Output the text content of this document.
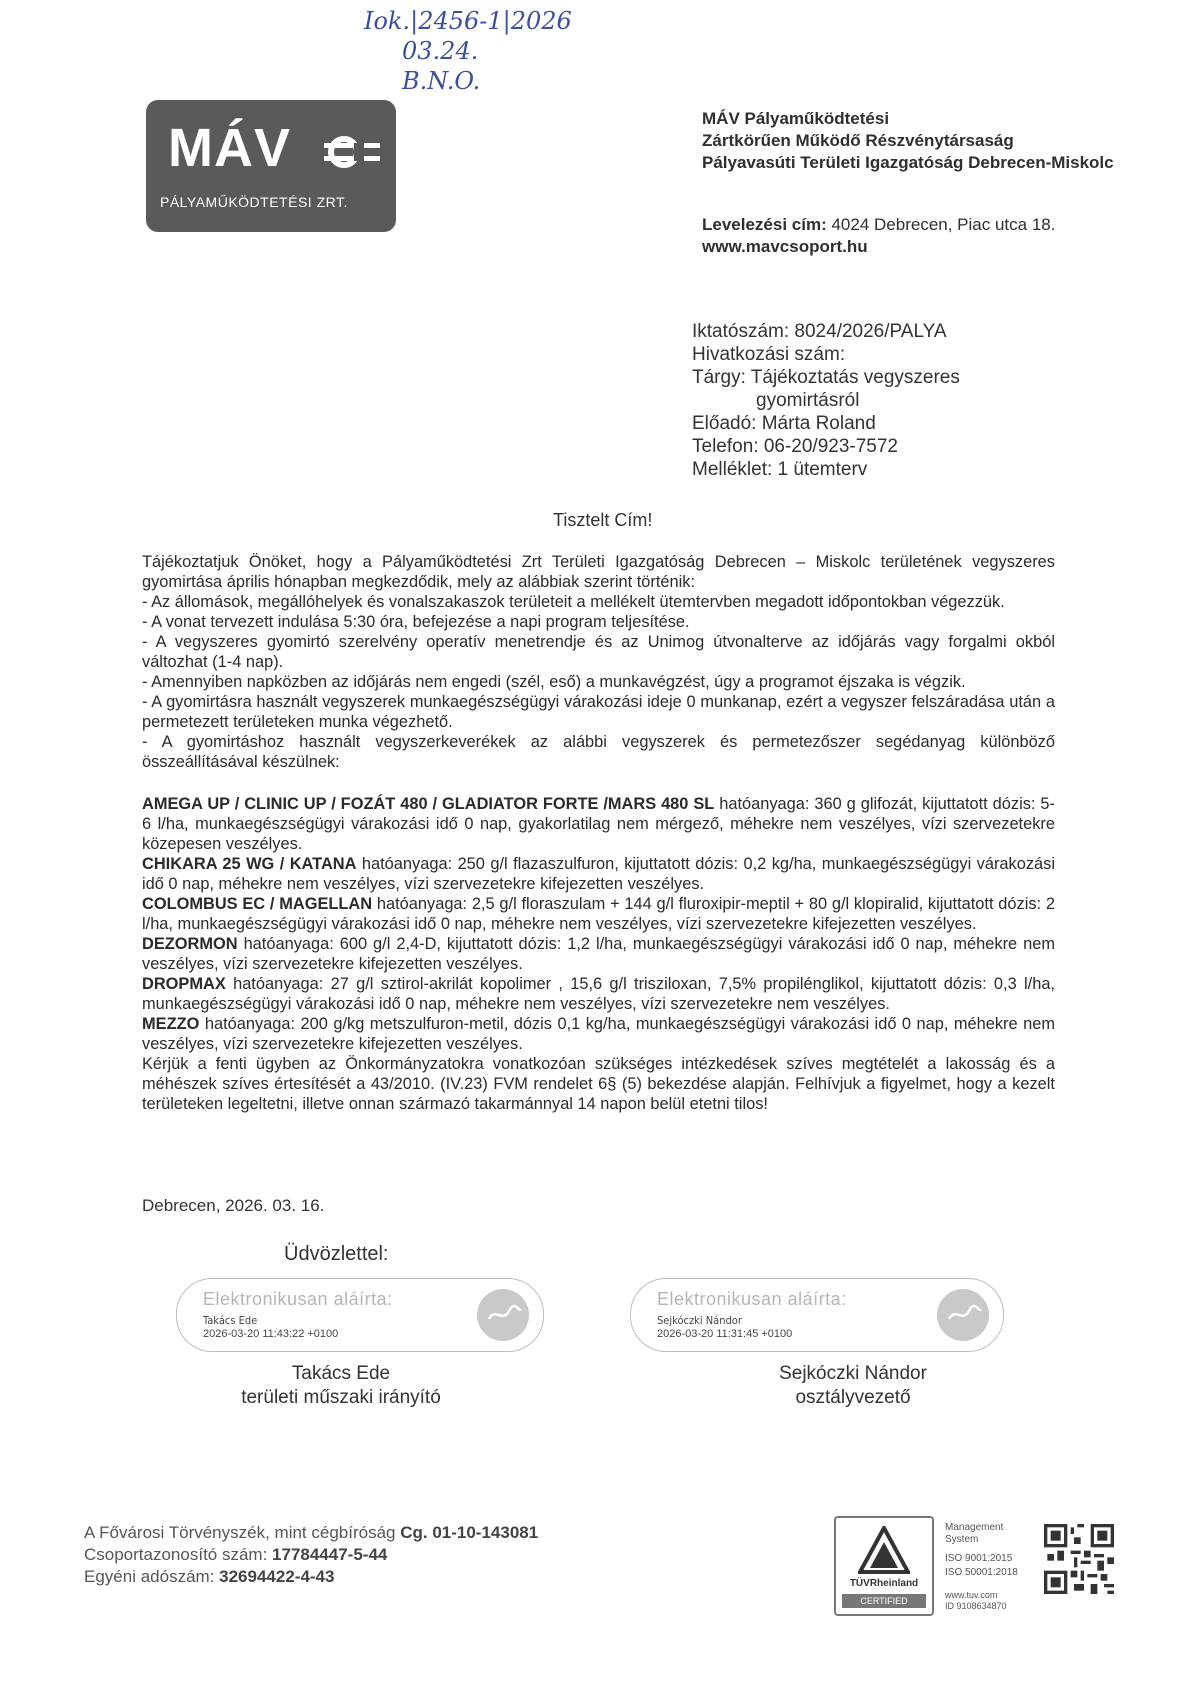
Iok.|2456-1|2026
03.24.
B.N.O.
MÁV
PÁLYAMŰKÖDTETÉSI ZRT.
MÁV Pályaműködtetési
Zártkörűen Működő Részvénytársaság
Pályavasúti Területi Igazgatóság Debrecen-Miskolc
Levelezési cím: 4024 Debrecen, Piac utca 18.
www.mavcsoport.hu
Iktatószám: 8024/2026/PALYA
Hivatkozási szám:
Tárgy: Tájékoztatás vegyszeres
gyomirtásról
Előadó: Márta Roland
Telefon: 06-20/923-7572
Melléklet: 1 ütemterv
Tisztelt Cím!

Tájékoztatjuk Önöket, hogy a Pályaműködtetési Zrt Területi Igazgatóság Debrecen – Miskolc területének vegyszeres gyomirtása április hónapban megkezdődik, mely az alábbiak szerint történik:

- Az állomások, megállóhelyek és vonalszakaszok területeit a mellékelt ütemtervben megadott időpontokban végezzük.

- A vonat tervezett indulása 5:30 óra, befejezése a napi program teljesítése.

- A vegyszeres gyomirtó szerelvény operatív menetrendje és az Unimog útvonalterve az időjárás vagy forgalmi okból változhat (1-4 nap).

- Amennyiben napközben az időjárás nem engedi (szél, eső) a munkavégzést, úgy a programot éjszaka is végzik.

- A gyomirtásra használt vegyszerek munkaegészségügyi várakozási ideje 0 munkanap, ezért a vegyszer felszáradása után a permetezett területeken munka végezhető.

- A gyomirtáshoz használt vegyszerkeverékek az alábbi vegyszerek és permetezőszer segédanyag különböző összeállításával készülnek:

AMEGA UP / CLINIC UP / FOZÁT 480 / GLADIATOR FORTE /MARS 480 SL hatóanyaga: 360 g glifozát, kijuttatott dózis: 5-6 l/ha, munkaegészségügyi várakozási idő 0 nap, gyakorlatilag nem mérgező, méhekre nem veszélyes, vízi szervezetekre közepesen veszélyes.

CHIKARA 25 WG / KATANA hatóanyaga: 250 g/l flazaszulfuron, kijuttatott dózis: 0,2 kg/ha, munkaegészségügyi várakozási idő 0 nap, méhekre nem veszélyes, vízi szervezetekre kifejezetten veszélyes.

COLOMBUS EC / MAGELLAN hatóanyaga: 2,5 g/l floraszulam + 144 g/l fluroxipir-meptil + 80 g/l klopiralid, kijuttatott dózis: 2 l/ha, munkaegészségügyi várakozási idő 0 nap, méhekre nem veszélyes, vízi szervezetekre kifejezetten veszélyes.

DEZORMON hatóanyaga: 600 g/l 2,4-D, kijuttatott dózis: 1,2 l/ha, munkaegészségügyi várakozási idő 0 nap, méhekre nem veszélyes, vízi szervezetekre kifejezetten veszélyes.

DROPMAX hatóanyaga: 27 g/l sztirol-akrilát kopolimer , 15,6 g/l trisziloxan, 7,5% propilénglikol, kijuttatott dózis: 0,3 l/ha, munkaegészségügyi várakozási idő 0 nap, méhekre nem veszélyes, vízi szervezetekre nem veszélyes.

MEZZO hatóanyaga: 200 g/kg metszulfuron-metil, dózis 0,1 kg/ha, munkaegészségügyi várakozási idő 0 nap, méhekre nem veszélyes, vízi szervezetekre kifejezetten veszélyes.

Kérjük a fenti ügyben az Önkormányzatokra vonatkozóan szükséges intézkedések szíves megtételét a lakosság és a méhészek szíves értesítését a 43/2010. (IV.23) FVM rendelet 6§ (5) bekezdése alapján. Felhívjuk a figyelmet, hogy a kezelt területeken legeltetni, illetve onnan származó takarmánnyal 14 napon belül etetni tilos!

Debrecen, 2026. 03. 16.
Üdvözlettel:
Elektronikusan aláírta:
Takács Ede
2026-03-20 11:43:22 +0100
Elektronikusan aláírta:
Sejkóczki Nándor
2026-03-20 11:31:45 +0100
Takács Ede
területi műszaki irányító
Sejkóczki Nándor
osztályvezető
A Fővárosi Törvényszék, mint cégbíróság Cg. 01-10-143081
Csoportazonosító szám: 17784447-5-44
Egyéni adószám: 32694422-4-43	TÜVRheinland
CERTIFIED
Management
System
ISO 9001:2015
ISO 50001:2018
www.tuv.com
ID 9108634870
